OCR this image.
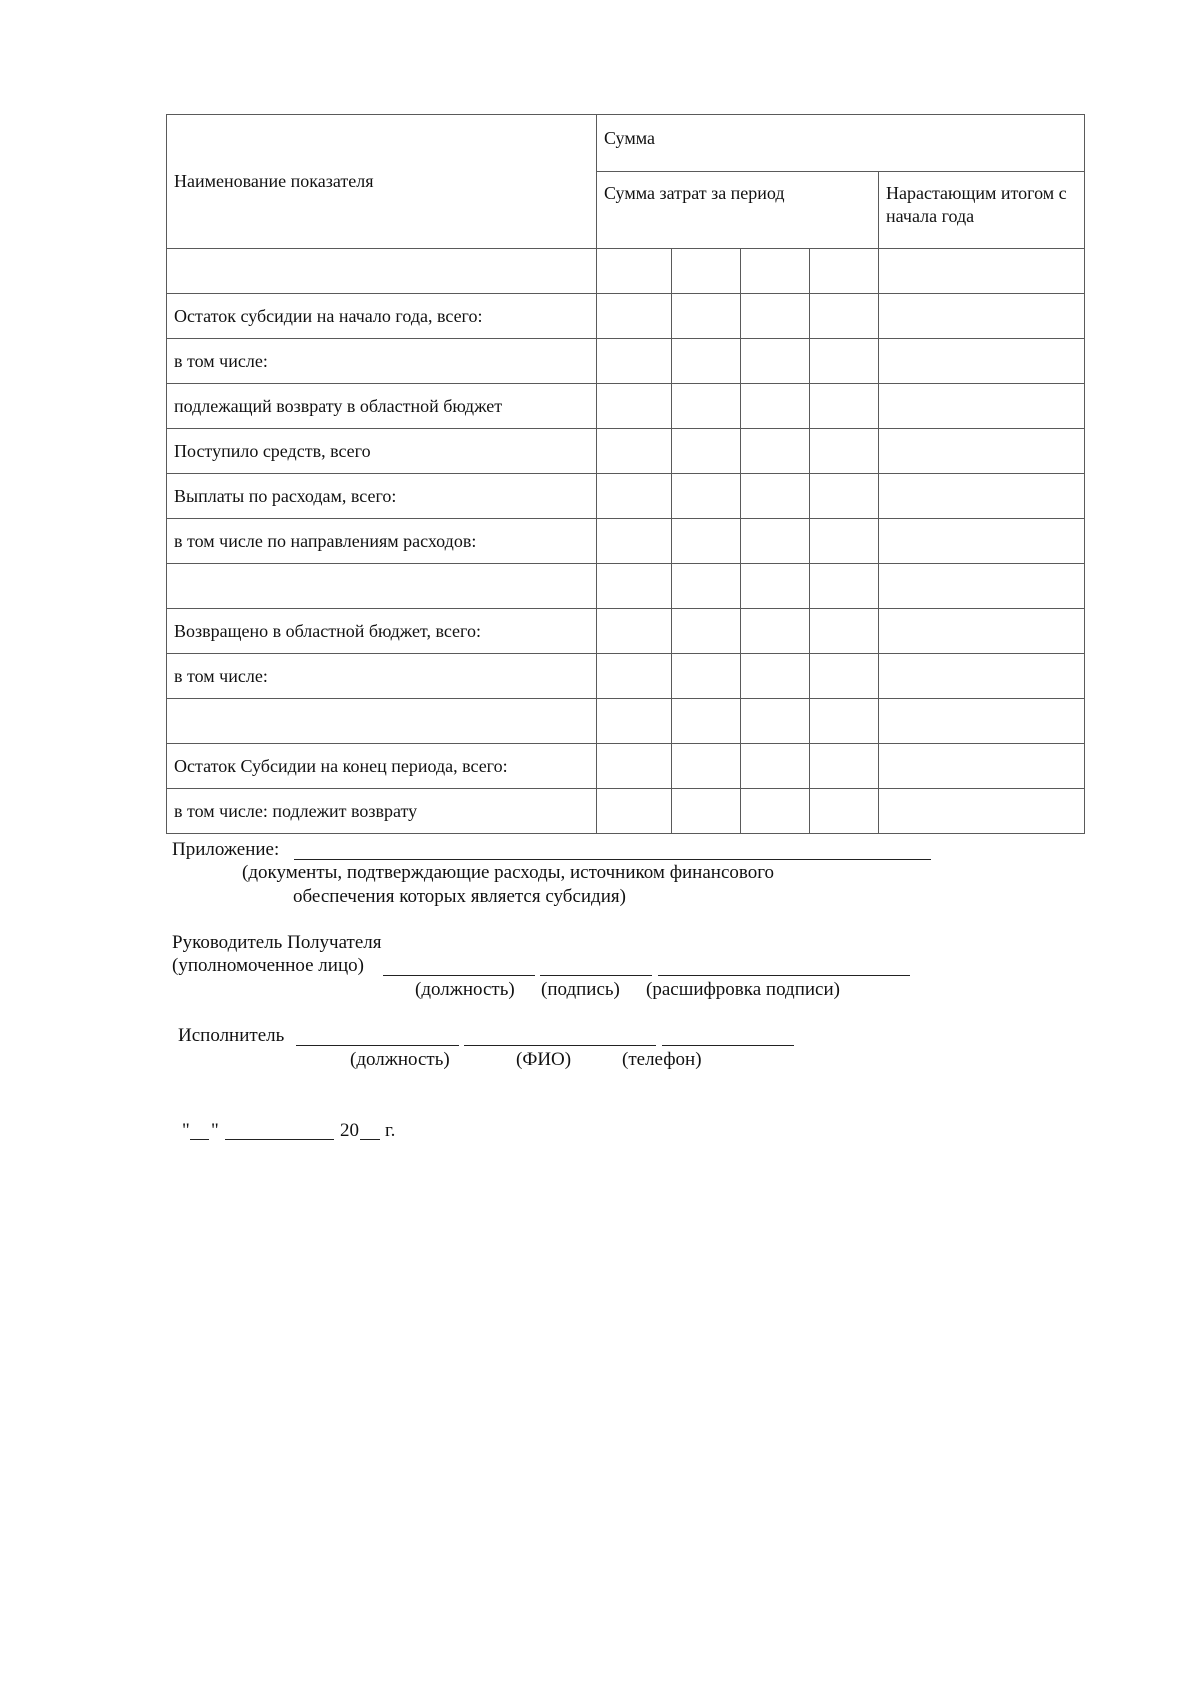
Наименование показателя	Сумма				
	Сумма затрат за период				Нарастающим итогом с начала года

Остаток субсидии на начало года, всего:					
в том числе:					
подлежащий возврату в областной бюджет					
Поступило средств, всего					
Выплаты по расходам, всего:					
в том числе по направлениям расходов:					

Возвращено в областной бюджет, всего:					
в том числе:					

Остаток Субсидии на конец периода, всего:					
в том числе: подлежит возврату					
Приложение:
(документы, подтверждающие расходы, источником финансового
обеспечения которых является субсидия)
Руководитель Получателя
(уполномоченное лицо)
(должность) (подпись) (расшифровка подписи)
Исполнитель
(должность)	(ФИО)	(телефон)
" "	20 г.
